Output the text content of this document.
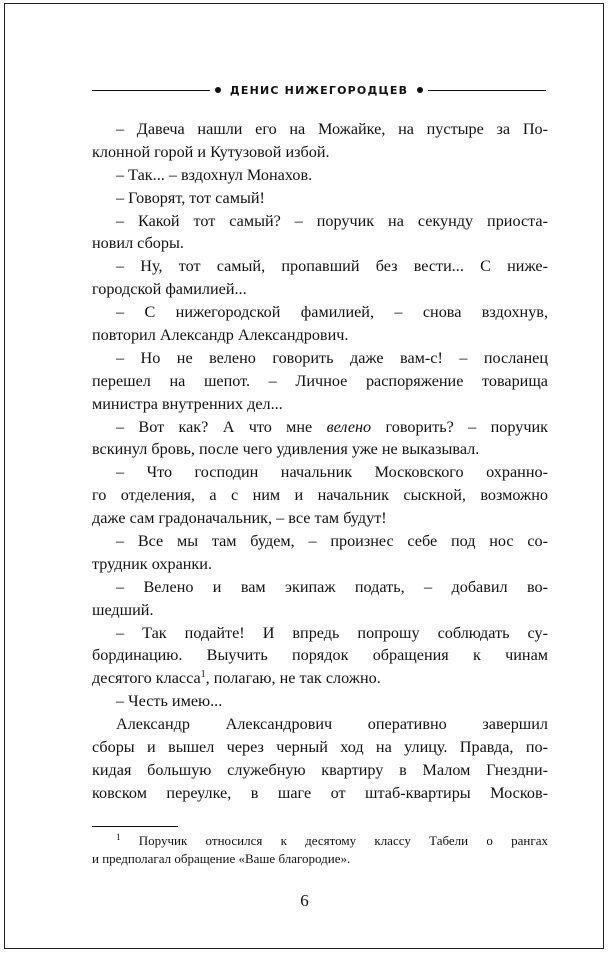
ДЕНИС НИЖЕГОРОДЦЕВ
– Давеча нашли его на Можайке, на пустыре за По-
клонной горой и Кутузовой избой.
– Так... – вздохнул Монахов.
– Говорят, тот самый!
– Какой тот самый? – поручик на секунду приоста-
новил сборы.
– Ну, тот самый, пропавший без вести... С ниже-
городской фамилией...
– С нижегородской фамилией, – снова вздохнув,
повторил Александр Александрович.
– Но не велено говорить даже вам-с! – посланец
перешел на шепот. – Личное распоряжение товарища
министра внутренних дел...
– Вот как? А что мне велено говорить? – поручик
вскинул бровь, после чего удивления уже не выказывал.
– Что господин начальник Московского охранно-
го отделения, а с ним и начальник сыскной, возможно
даже сам градоначальник, – все там будут!
– Все мы там будем, – произнес себе под нос со-
трудник охранки.
– Велено и вам экипаж подать, – добавил во-
шедший.
– Так подайте! И впредь попрошу соблюдать су-
бординацию. Выучить порядок обращения к чинам
десятого класса$^1$, полагаю, не так сложно.
– Честь имею...
Александр Александрович оперативно завершил
сборы и вышел через черный ход на улицу. Правда, по-
кидая большую служебную квартиру в Малом Гнездни-
ковском переулке, в шаге от штаб-квартиры Москов-
$^1$ Поручик относился к десятому классу Табели о рангах
и предполагал обращение «Ваше благородие».
6
